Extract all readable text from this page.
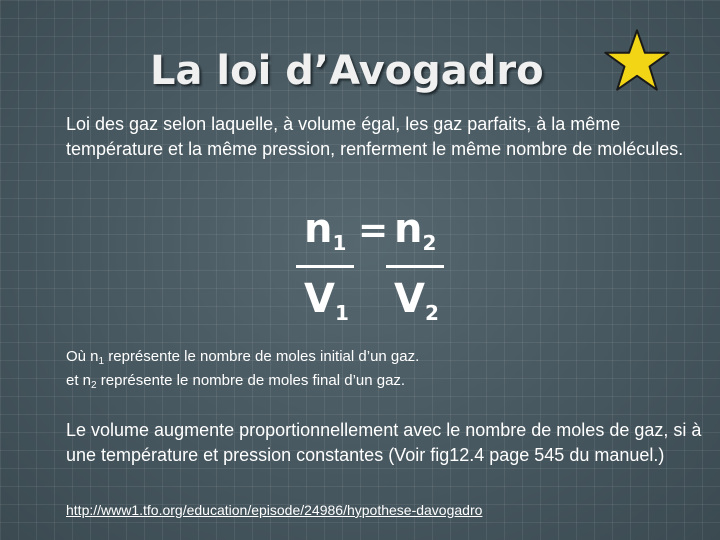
La loi d’Avogadro
Loi des gaz selon laquelle, à volume égal, les gaz parfaits, à la même température et la même pression, renferment le même nombre de molécules.
$n_1 = n_2$
$V_1$ $V_2$
Où $n_1$ représente le nombre de moles initial d’un gaz.
et $n_2$ représente le nombre de moles final d’un gaz.
Le volume augmente proportionnellement avec le nombre de moles de gaz, si à une température et pression constantes (Voir fig12.4 page 545 du manuel.)
http://www1.tfo.org/education/episode/24986/hypothese-davogadro
